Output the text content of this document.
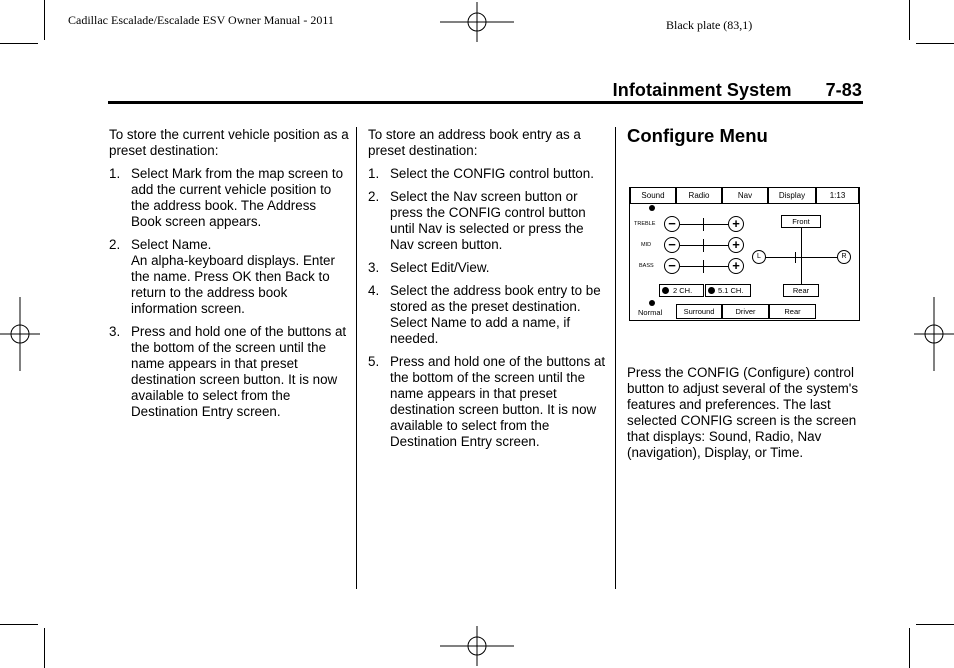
Cadillac Escalade/Escalade ESV Owner Manual - 2011	Black plate (83,1)
Infotainment System 7-83

To store the current vehicle position as a preset destination:

1. Select Mark from the map screen to add the current vehicle position to the address book. The Address Book screen appears.
2. Select Name.
An alpha-keyboard displays. Enter the name. Press OK then Back to return to the address book information screen.
3. Press and hold one of the buttons at the bottom of the screen until the name appears in that preset destination screen button. It is now available to select from the Destination Entry screen.

To store an address book entry as a preset destination:

1. Select the CONFIG control button.
2. Select the Nav screen button or press the CONFIG control button until Nav is selected or press the Nav screen button.
3. Select Edit/View.
4. Select the address book entry to be stored as the preset destination. Select Name to add a name, if needed.
5. Press and hold one of the buttons at the bottom of the screen until the name appears in that preset destination screen button. It is now available to select from the Destination Entry screen.
Configure Menu
Sound	Radio	Nav	Display	1:13
TREBLE −	+
MID	−	+
BASS	−	+
Front
L	R
Rear
2 CH.	5.1 CH.
Normal	Surround	Driver	Rear

Press the CONFIG (Configure) control button to adjust several of the system's features and preferences. The last selected CONFIG screen is the screen that displays: Sound, Radio, Nav (navigation), Display, or Time.
